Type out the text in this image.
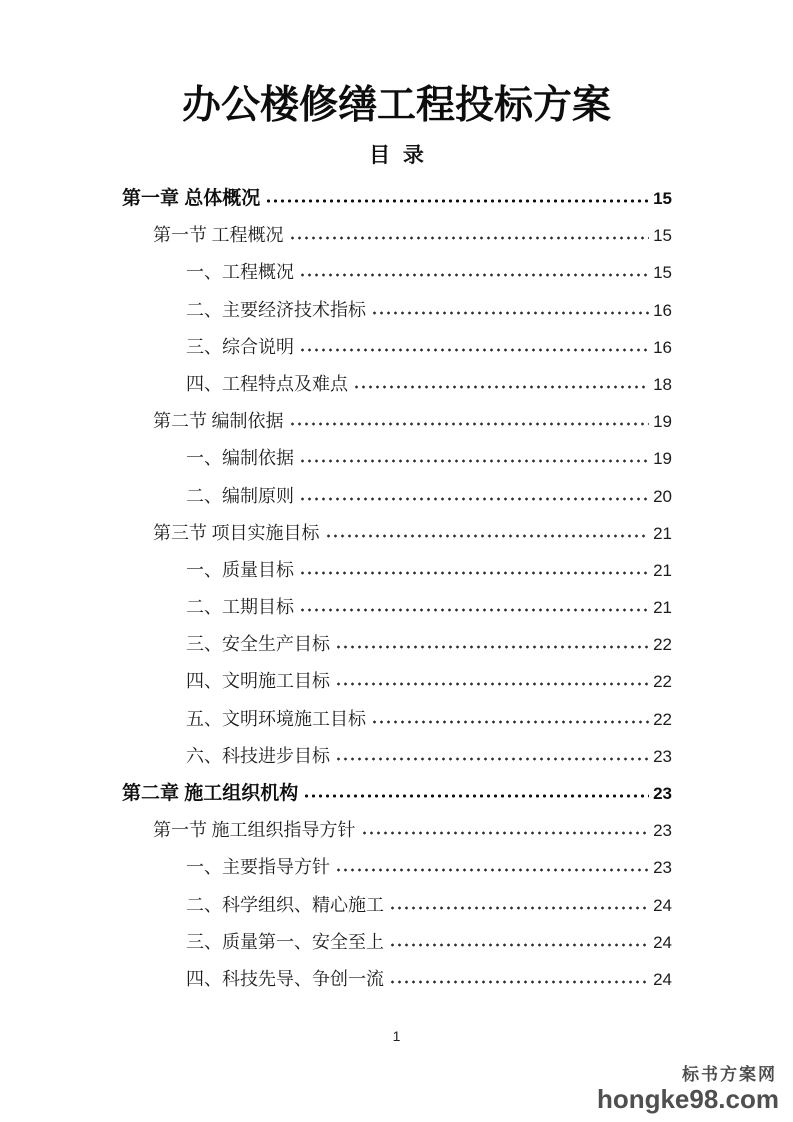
办公楼修缮工程投标方案
目 录
第一章 总体概况	15
第一节 工程概况	15
一、工程概况	15
二、主要经济技术指标	16
三、综合说明	16
四、工程特点及难点	18
第二节 编制依据	19
一、编制依据	19
二、编制原则	20
第三节 项目实施目标	21
一、质量目标	21
二、工期目标	21
三、安全生产目标	22
四、文明施工目标	22
五、文明环境施工目标	22
六、科技进步目标	23
第二章 施工组织机构	23
第一节 施工组织指导方针	23
一、主要指导方针	23
二、科学组织、精心施工	24
三、质量第一、安全至上	24
四、科技先导、争创一流	24
1
标书方案网
hongke98.com
